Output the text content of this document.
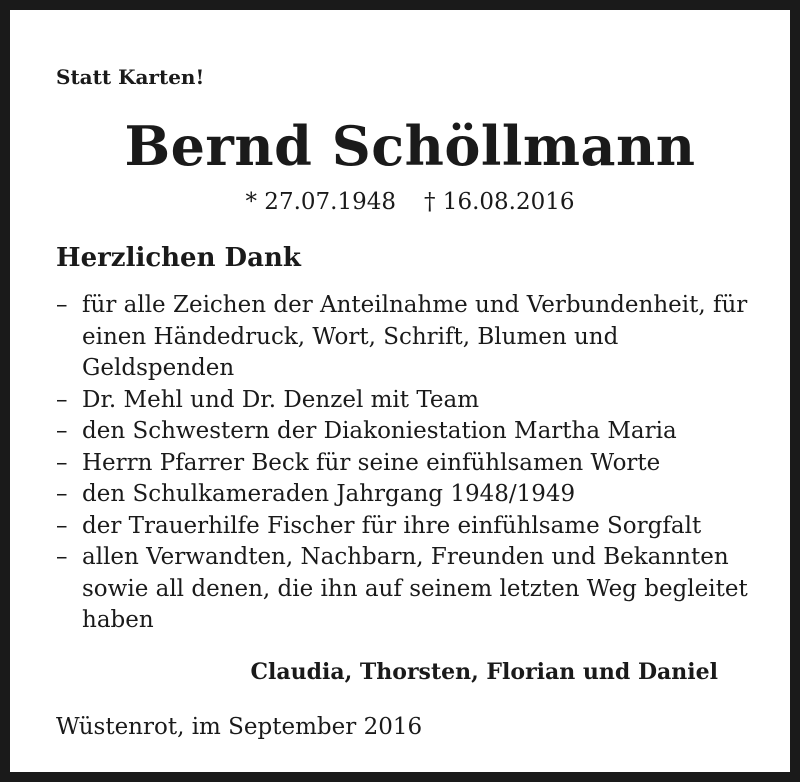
Statt Karten!
Bernd Schöllmann
* 27.07.1948 † 16.08.2016
Herzlichen Dank
– für alle Zeichen der Anteilnahme und Verbundenheit, für einen Händedruck, Wort, Schrift, Blumen und Geldspenden
– Dr. Mehl und Dr. Denzel mit Team
– den Schwestern der Diakoniestation Martha Maria
– Herrn Pfarrer Beck für seine einfühlsamen Worte
– den Schulkameraden Jahrgang 1948/1949
– der Trauerhilfe Fischer für ihre einfühlsame Sorgfalt
– allen Verwandten, Nachbarn, Freunden und Bekannten sowie all denen, die ihn auf seinem letzten Weg begleitet haben
Claudia, Thorsten, Florian und Daniel
Wüstenrot, im September 2016
